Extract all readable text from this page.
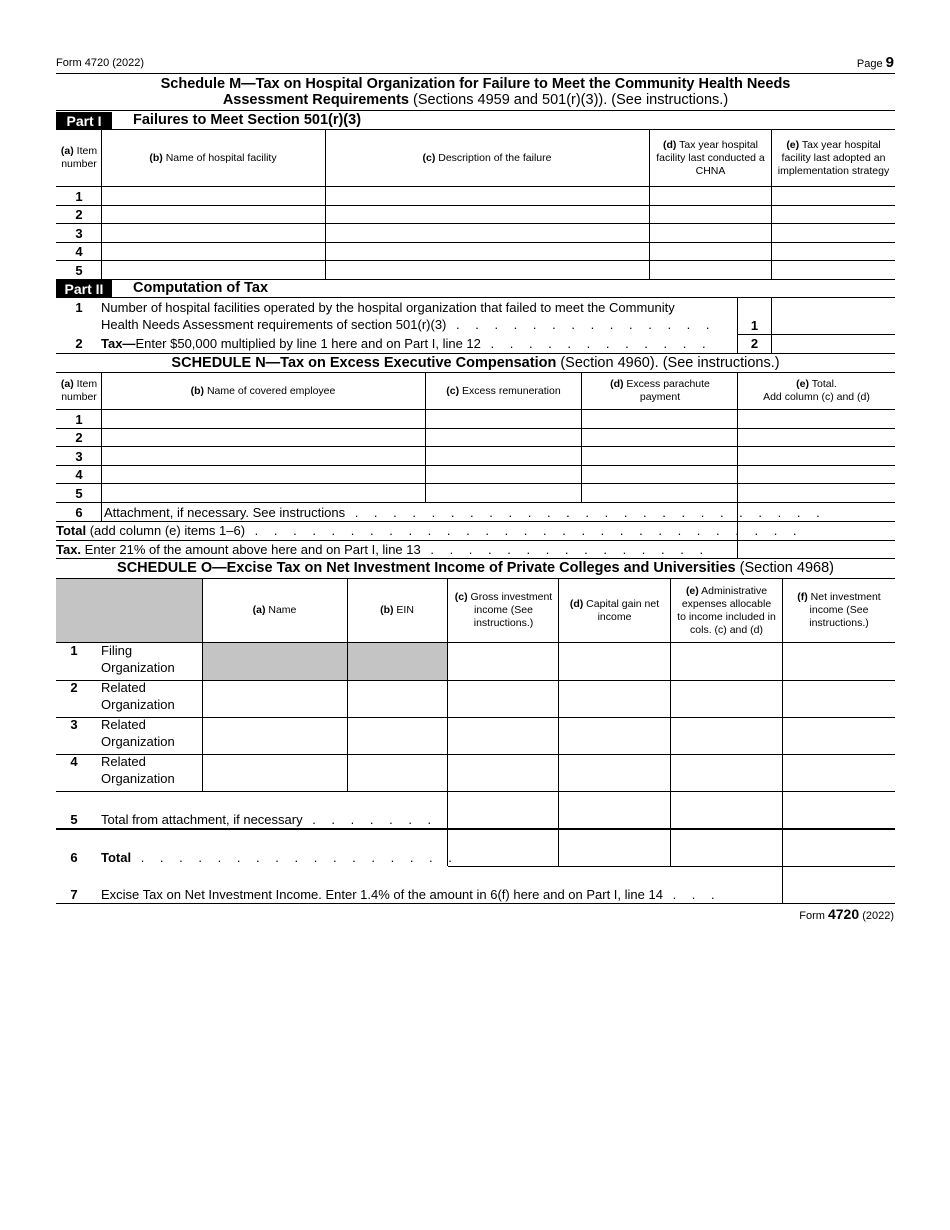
Form 4720 (2022)	Page 9
Schedule M—Tax on Hospital Organization for Failure to Meet the Community Health Needs
Assessment Requirements (Sections 4959 and 501(r)(3)). (See instructions.)
Part I	Failures to Meet Section 501(r)(3)
(a) Item number
(b) Name of hospital facility	(c) Description of the failure
(d) Tax year hospital facility last conducted a CHNA
(e) Tax year hospital facility last adopted an implementation strategy
1
2
3
4
5
Part II	Computation of Tax
1	Number of hospital facilities operated by the hospital organization that failed to meet the Community
Health Needs Assessment requirements of section 501(r)(3) . . . . . . . . . . . . . .	1
2	Tax—Enter $50,000 multiplied by line 1 here and on Part I, line 12 . . . . . . . . . . . .	2
SCHEDULE N—Tax on Excess Executive Compensation (Section 4960). (See instructions.)
(a) Item number
(b) Name of covered employee	(c) Excess remuneration
(d) Excess parachute payment
(e) Total.
Add column (c) and (d)
1
2
3
4
5
6	Attachment, if necessary. See instructions . . . . . . . . . . . . . . . . . . . . . . . . .
Total (add column (e) items 1–6) . . . . . . . . . . . . . . . . . . . . . . . . . . . . .
Tax. Enter 21% of the amount above here and on Part I, line 13 . . . . . . . . . . . . . . .
SCHEDULE O—Excise Tax on Net Investment Income of Private Colleges and Universities (Section 4968)
(a) Name	(b) EIN
(c) Gross investment income (See instructions.)
(d) Capital gain net income
(e) Administrative expenses allocable to income included in cols. (c) and (d)
(f) Net investment income (See instructions.)
1	Filing
Organization
2	Related
Organization
3	Related
Organization
4	Related
Organization
5	Total from attachment, if necessary . . . . . . .
6	Total . . . . . . . . . . . . . . . . .
7	Excise Tax on Net Investment Income. Enter 1.4% of the amount in 6(f) here and on Part I, line 14 . . .
Form 4720 (2022)
